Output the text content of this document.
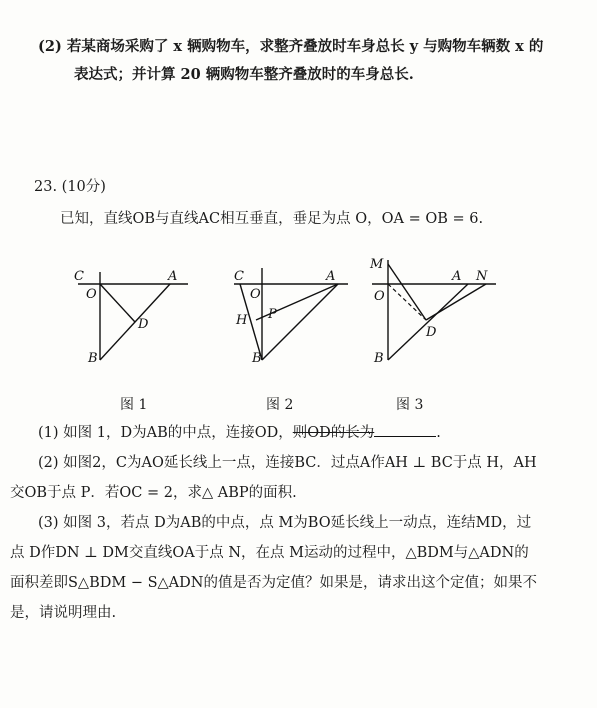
(2) 若某商场采购了 x 辆购物车，求整齐叠放时车身总长 y 与购物车辆数 x 的
表达式；并计算 20 辆购物车整齐叠放时的车身总长.
23. (10分)
已知，直线OB与直线AC相互垂直，垂足为点 O，OA = OB = 6.
C
O
A
D
B
C
O
A
H P
B
M
O
A N
D
B
图 1	图 2	图 3
(1) 如图 1，D为AB的中点，连接OD，则OD的长为	.
(2) 如图2，C为AO延长线上一点，连接BC．过点A作AH ⊥ BC于点 H，AH
交OB于点 P．若OC = 2，求△ ABP的面积.
(3) 如图 3，若点 D为AB的中点，点 M为BO延长线上一动点，连结MD，过
点 D作DN ⊥ DM交直线OA于点 N，在点 M运动的过程中，△BDM与△ADN的
面积差即S△BDM − S△ADN的值是否为定值？如果是，请求出这个定值；如果不
是，请说明理由.
